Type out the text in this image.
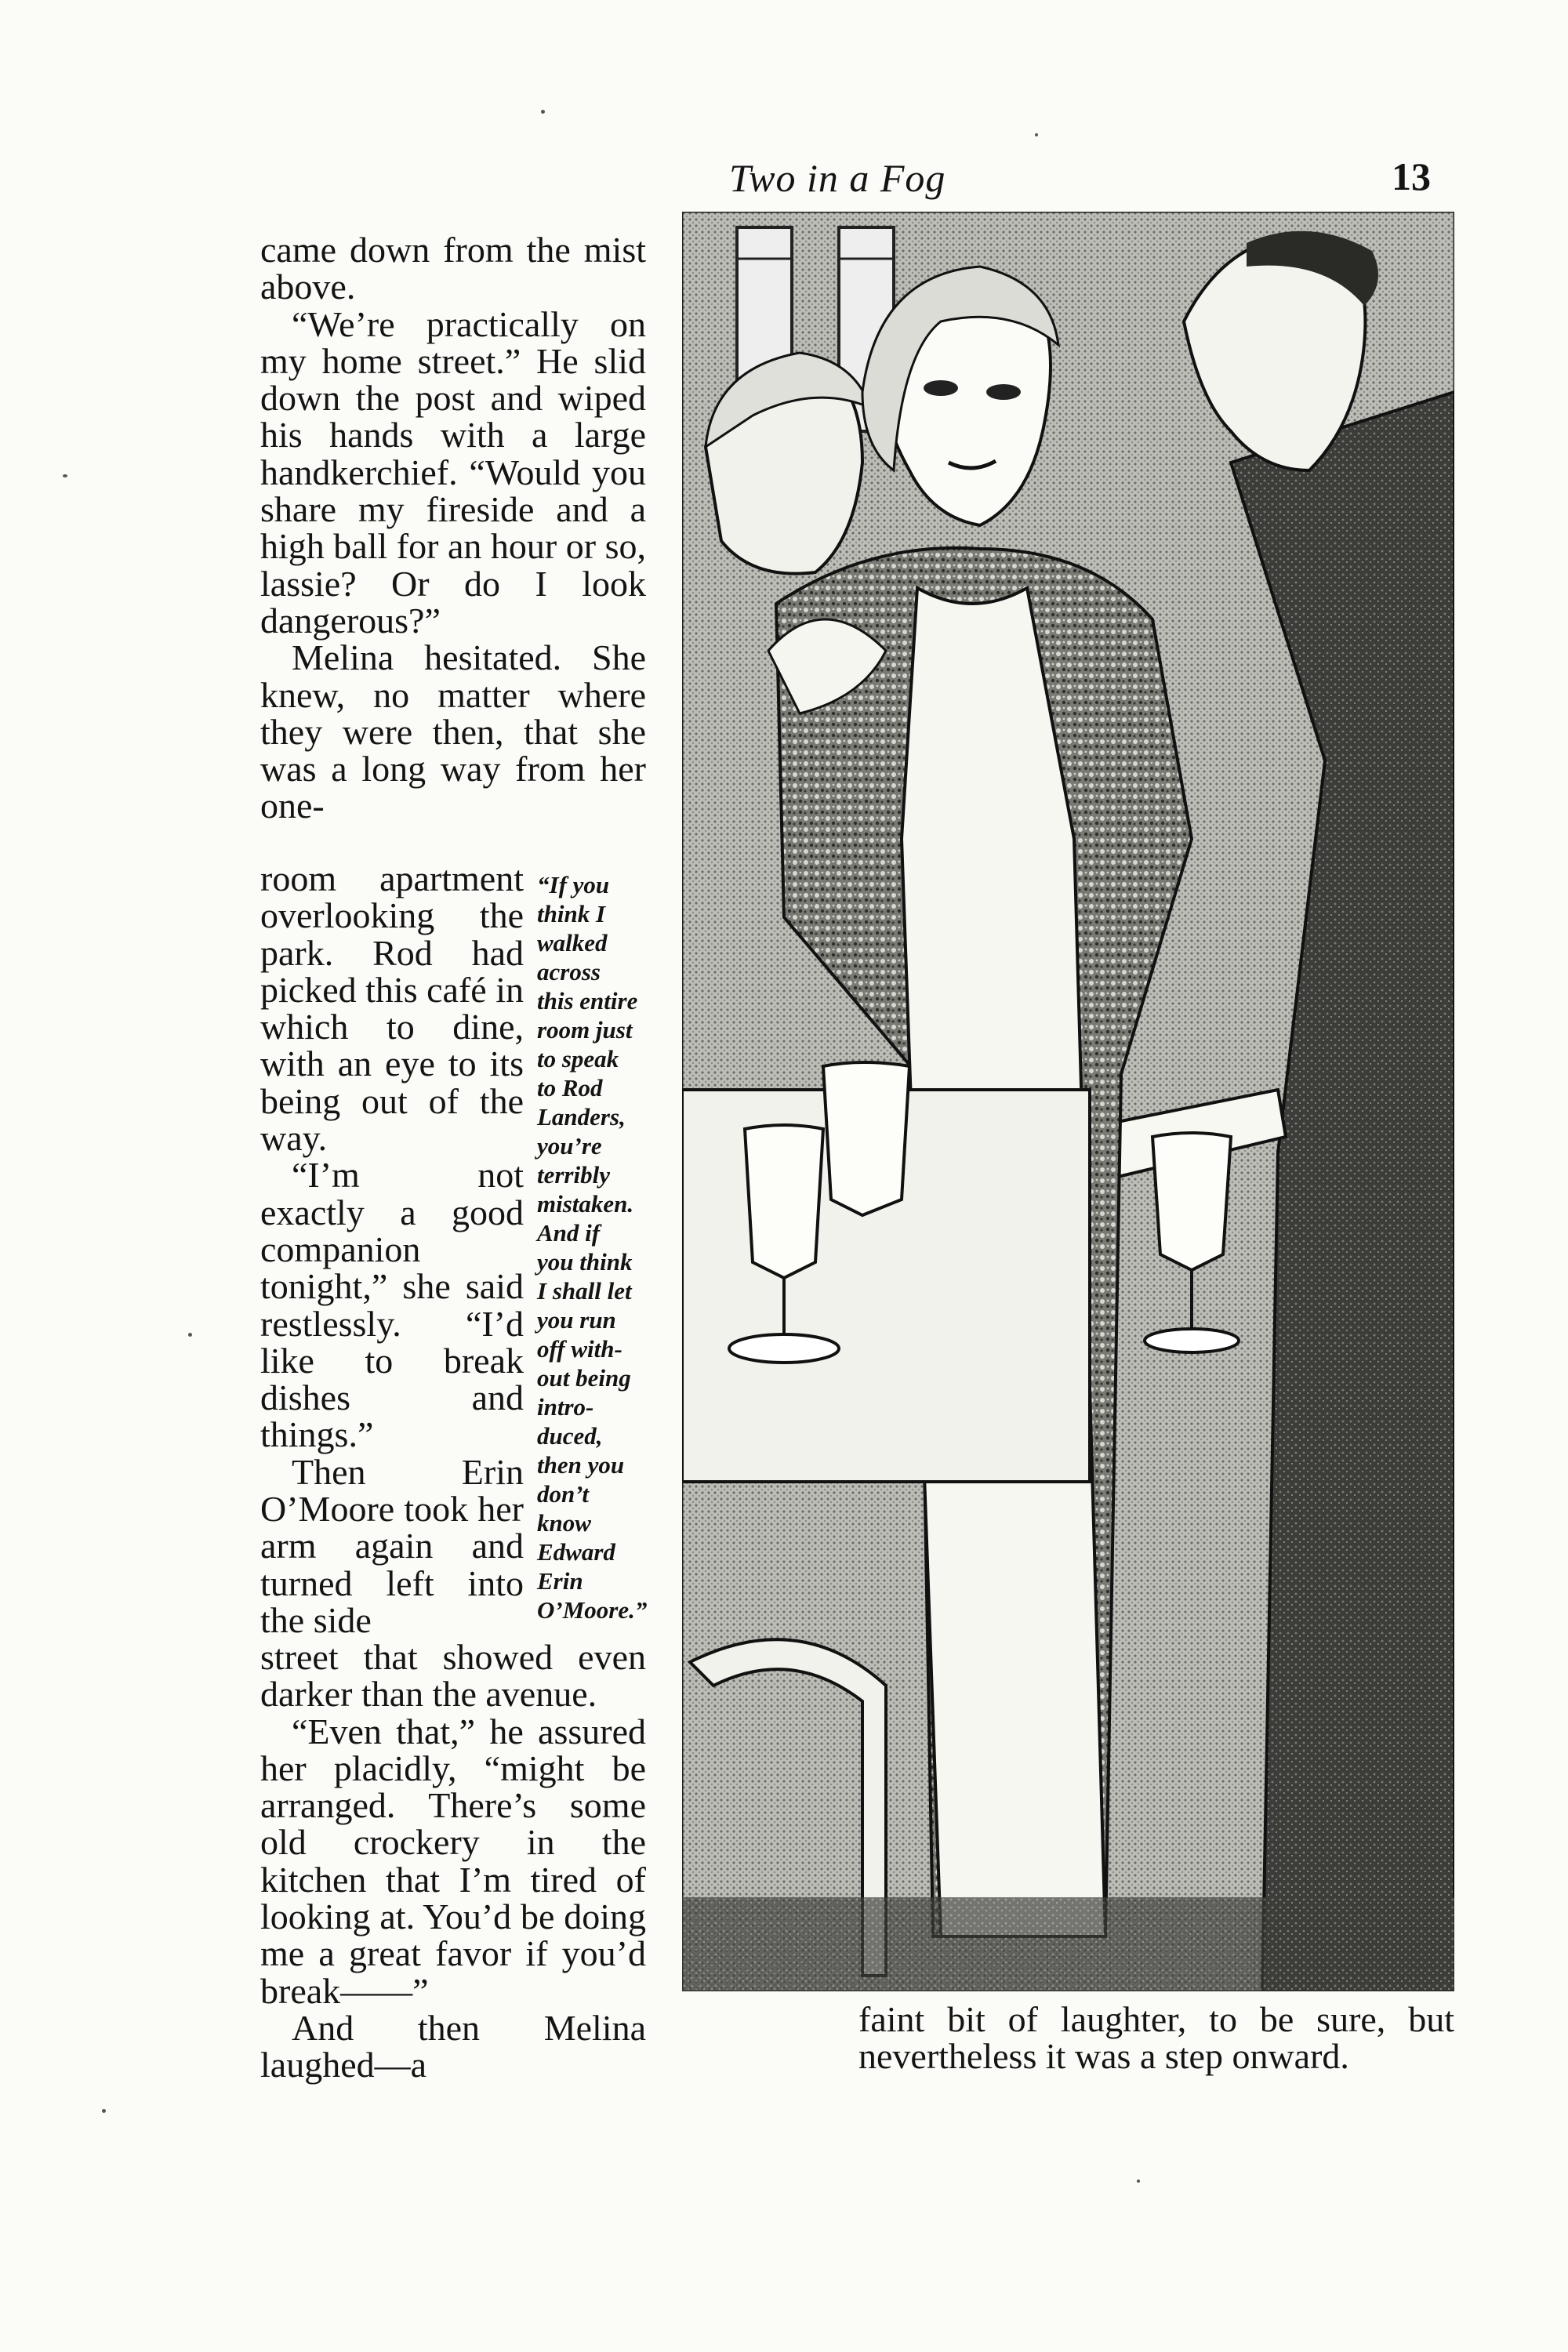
Two in a Fog	13

came down from the mist above.

“We’re practically on my home street.” He slid down the post and wiped his hands with a large handkerchief. “Would you share my fireside and a high ball for an hour or so, lassie? Or do I look dangerous?”

Melina hesitated. She knew, no matter where they were then, that she was a long way from her one-

room apartment overlooking the park. Rod had picked this café in which to dine, with an eye to its being out of the way.

“I’m not exactly a good companion tonight,” she said restlessly. “I’d like to break dishes and things.”

Then Erin O’Moore took her arm again and turned left into the side

“If you

think I

walked

across

this entire

room just

to speak

to Rod

Landers,

you’re

terribly

mistaken.

And if

you think

I shall let

you run

off with-

out being

intro-

duced,

then you

don’t

know

Edward

Erin

O’Moore.”

street that showed even darker than the avenue.

“Even that,” he assured her placidly, “might be arranged. There’s some old crockery in the kitchen that I’m tired of looking at. You’d be doing me a great favor if you’d break——”

And then Melina laughed—a

faint bit of laughter, to be sure, but nevertheless it was a step onward.
